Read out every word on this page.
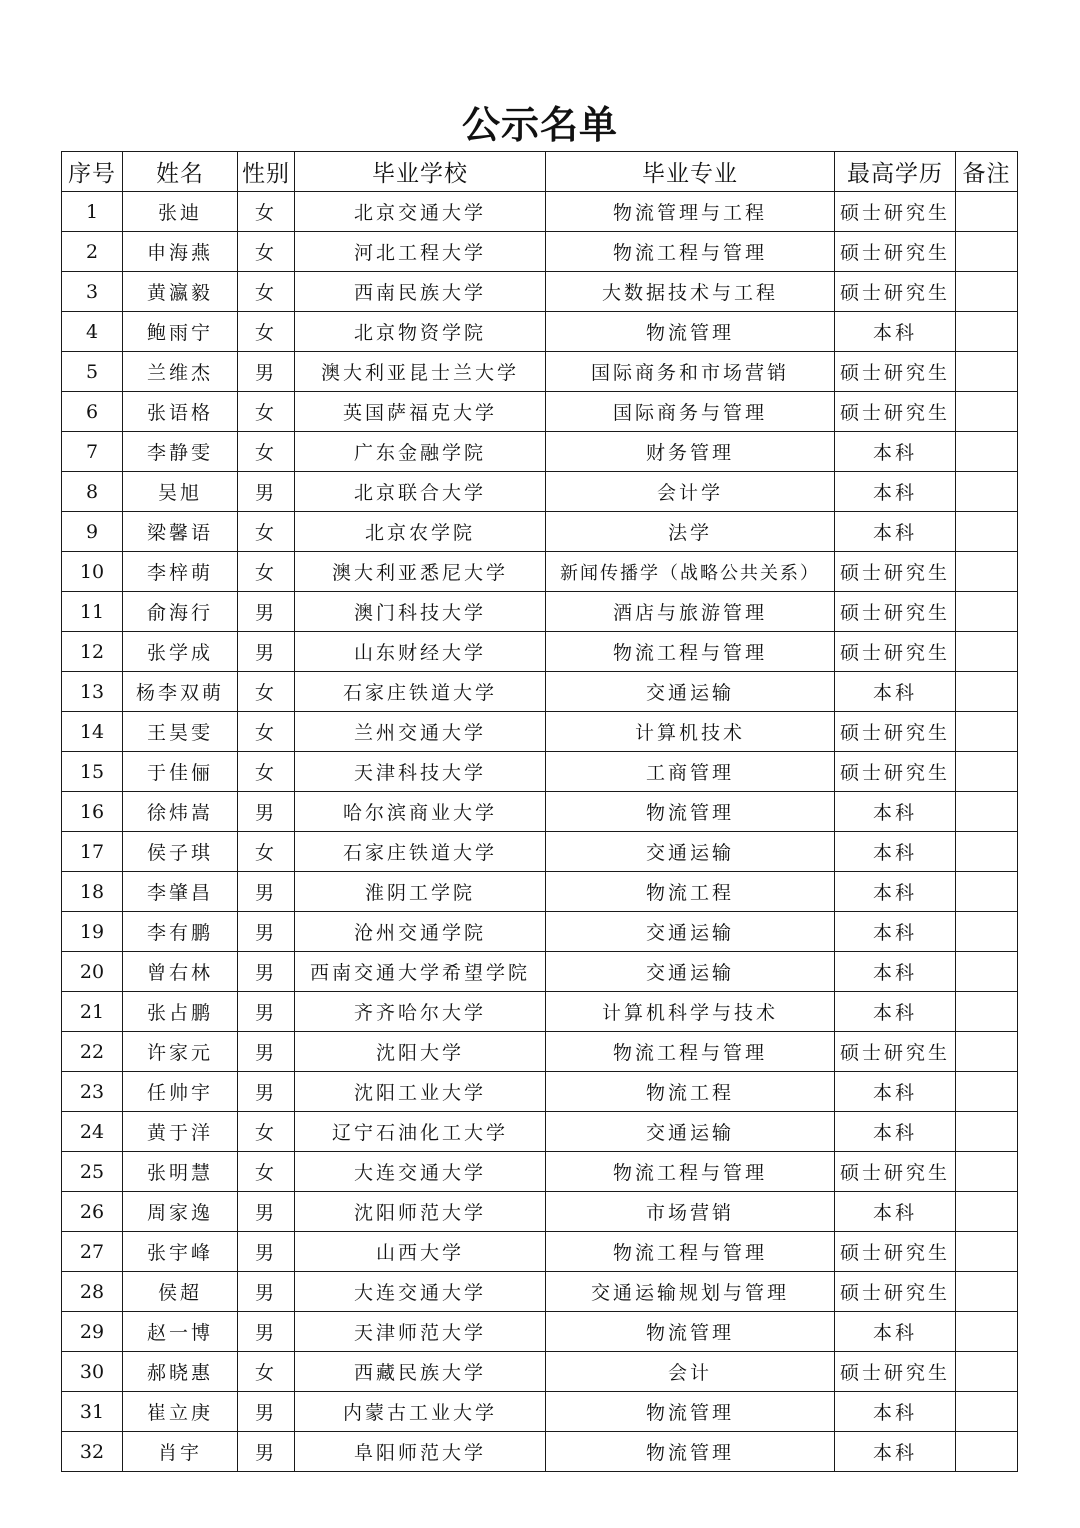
公示名单
序号	姓名	性别	毕业学校	毕业专业	最高学历	备注
1	张迪	女	北京交通大学	物流管理与工程	硕士研究生	
2	申海燕	女	河北工程大学	物流工程与管理	硕士研究生	
3	黄瀛毅	女	西南民族大学	大数据技术与工程	硕士研究生	
4	鲍雨宁	女	北京物资学院	物流管理	本科	
5	兰维杰	男	澳大利亚昆士兰大学	国际商务和市场营销	硕士研究生	
6	张语格	女	英国萨福克大学	国际商务与管理	硕士研究生	
7	李静雯	女	广东金融学院	财务管理	本科	
8	吴旭	男	北京联合大学	会计学	本科	
9	梁馨语	女	北京农学院	法学	本科	
10	李梓萌	女	澳大利亚悉尼大学	新闻传播学（战略公共关系）	硕士研究生	
11	俞海行	男	澳门科技大学	酒店与旅游管理	硕士研究生	
12	张学成	男	山东财经大学	物流工程与管理	硕士研究生	
13	杨李双萌	女	石家庄铁道大学	交通运输	本科	
14	王昊雯	女	兰州交通大学	计算机技术	硕士研究生	
15	于佳俪	女	天津科技大学	工商管理	硕士研究生	
16	徐炜嵩	男	哈尔滨商业大学	物流管理	本科	
17	侯子琪	女	石家庄铁道大学	交通运输	本科	
18	李肇昌	男	淮阴工学院	物流工程	本科	
19	李有鹏	男	沧州交通学院	交通运输	本科	
20	曾右林	男	西南交通大学希望学院	交通运输	本科	
21	张占鹏	男	齐齐哈尔大学	计算机科学与技术	本科	
22	许家元	男	沈阳大学	物流工程与管理	硕士研究生	
23	任帅宇	男	沈阳工业大学	物流工程	本科	
24	黄于洋	女	辽宁石油化工大学	交通运输	本科	
25	张明慧	女	大连交通大学	物流工程与管理	硕士研究生	
26	周家逸	男	沈阳师范大学	市场营销	本科	
27	张宇峰	男	山西大学	物流工程与管理	硕士研究生	
28	侯超	男	大连交通大学	交通运输规划与管理	硕士研究生	
29	赵一博	男	天津师范大学	物流管理	本科	
30	郝晓惠	女	西藏民族大学	会计	硕士研究生	
31	崔立庚	男	内蒙古工业大学	物流管理	本科	
32	肖宇	男	阜阳师范大学	物流管理	本科	
